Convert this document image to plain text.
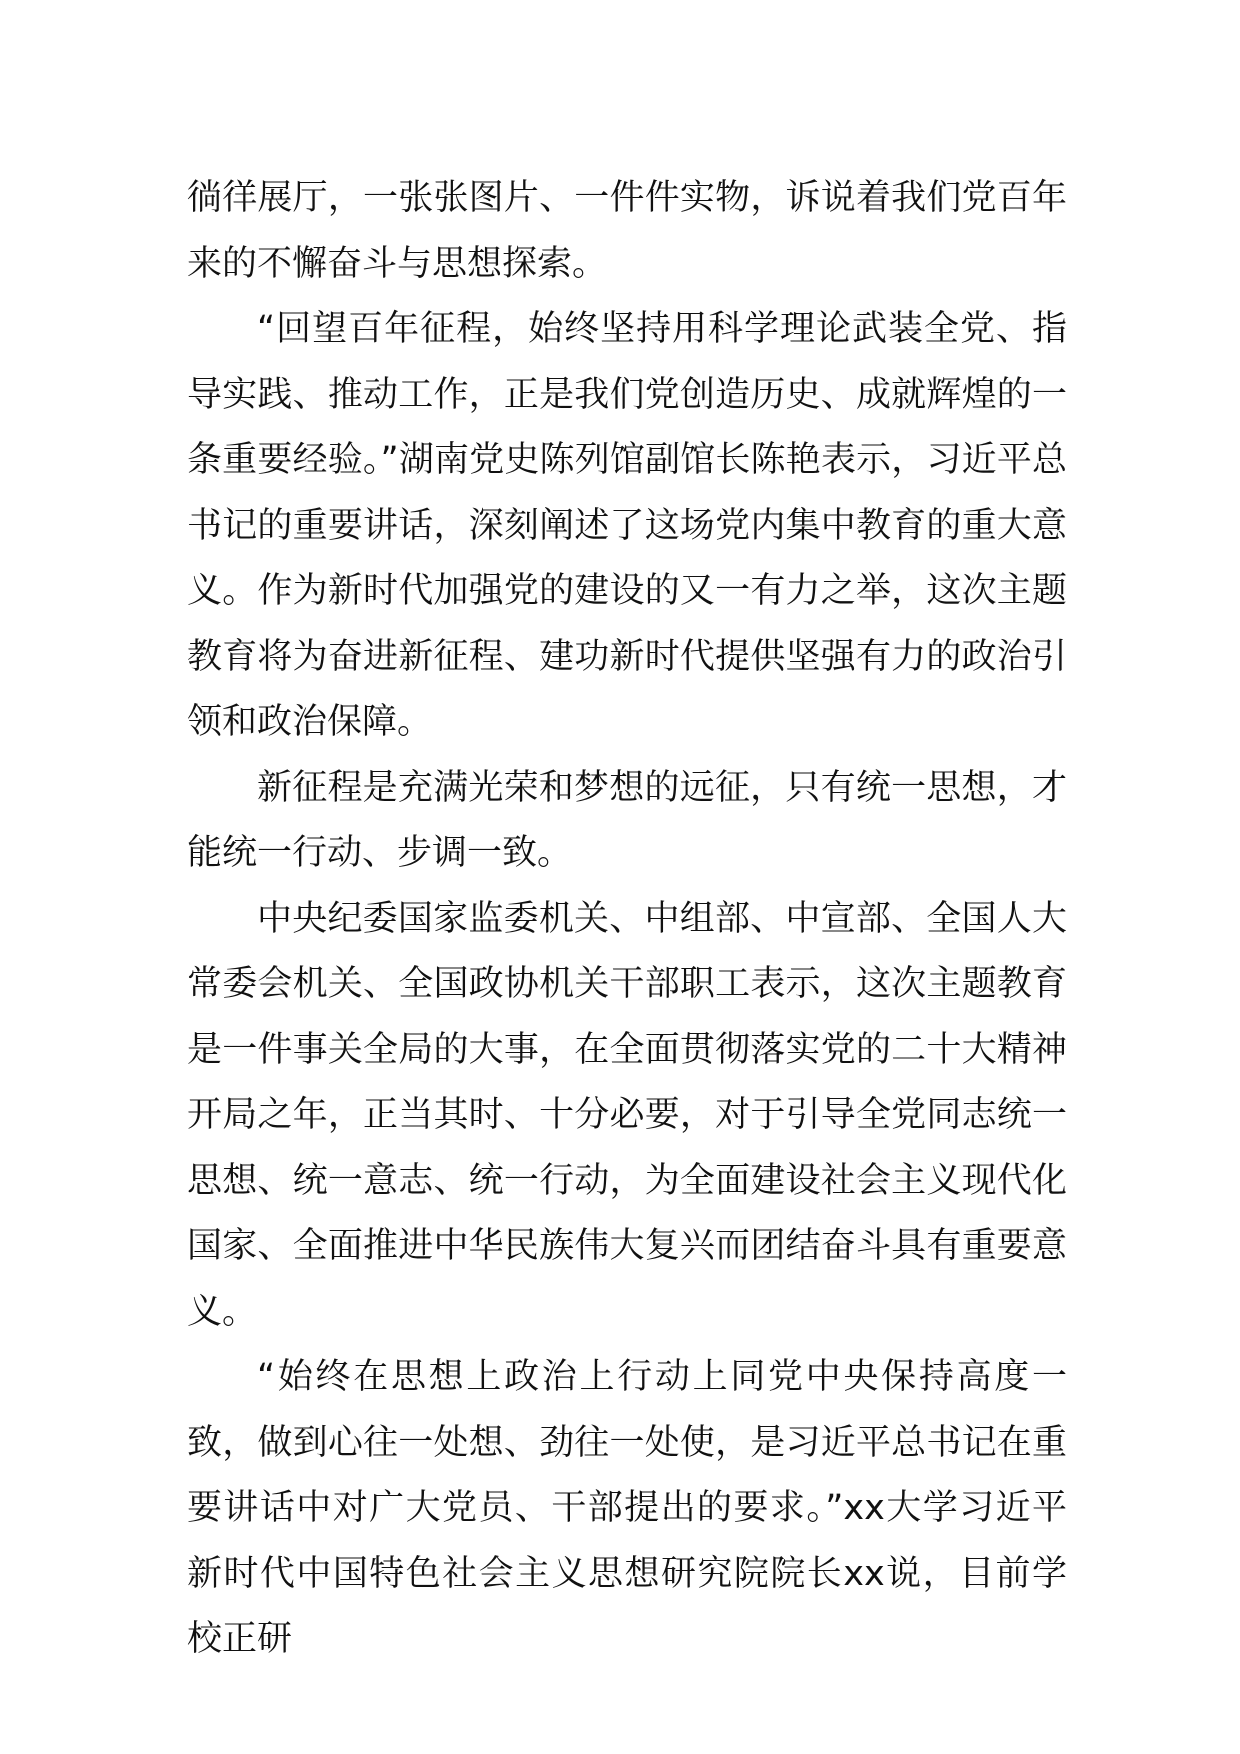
徜徉展厅，一张张图片、一件件实物，诉说着我们党百年来的不懈奋斗与思想探索。

“回望百年征程，始终坚持用科学理论武装全党、指导实践、推动工作，正是我们党创造历史、成就辉煌的一条重要经验。”湖南党史陈列馆副馆长陈艳表示，习近平总书记的重要讲话，深刻阐述了这场党内集中教育的重大意义。作为新时代加强党的建设的又一有力之举，这次主题教育将为奋进新征程、建功新时代提供坚强有力的政治引领和政治保障。

新征程是充满光荣和梦想的远征，只有统一思想，才能统一行动、步调一致。

中央纪委国家监委机关、中组部、中宣部、全国人大常委会机关、全国政协机关干部职工表示，这次主题教育是一件事关全局的大事，在全面贯彻落实党的二十大精神开局之年，正当其时、十分必要，对于引导全党同志统一思想、统一意志、统一行动，为全面建设社会主义现代化国家、全面推进中华民族伟大复兴而团结奋斗具有重要意义。

“始终在思想上政治上行动上同党中央保持高度一致，做到心往一处想、劲往一处使，是习近平总书记在重要讲话中对广大党员、干部提出的要求。”xx大学习近平新时代中国特色社会主义思想研究院院长xx说，目前学校正研
